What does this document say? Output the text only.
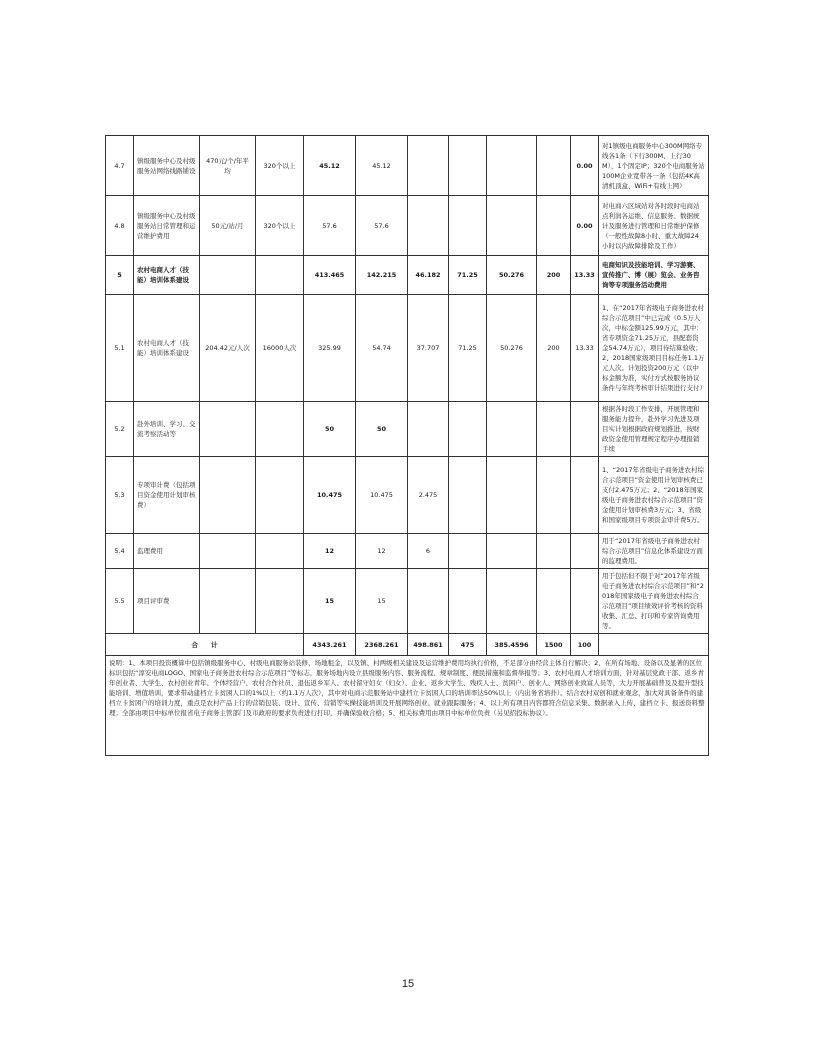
4.7	镇级服务中心及村级服务站网络线路铺设	470元/个/年平均	320个以上	45.12	45.12					0.00	对1镇级电商服务中心300M网络专线各1条（下行300M、上行30M），1个固定IP；320个电商服务站100M企业宽带各一条（包括4K高清机顶盒、WiFi+有线上网）
4.8	镇级服务中心及村级服务站日常管理和运营维护费用	50元/站/月	320个以上	57.6	57.6					0.00	对电商六区域站对各时段时电商站点利润各运维、信息服务、数据统计及服务进行管理和日常维护保修（一般性故障8小时、重大故障24小时以内故障排除及工作）
5	农村电商人才（技能）培训体系建设			413.465	142.215	46.182	71.25	50.276	200	13.33	电商知识及技能培训、学习游赛、宣传推广、博（展）览会、业务咨询等专项服务活动费用
5.1	农村电商人才（技能）培训体系建设	204.42元/人次	16000人次	325.99	54.74	37.707	71.25	50.276	200	13.33	1、在“2017年省级电子商务进农村综合示范项目”中已完成（0.5万人次，中标金额125.99万元，其中：省专项资金71.25万元，县配套资金54.74万元），项目待结算验收；2、2018国家级项目目标任务1.1万元人次。计划投资200万元（以中标金额为准，实付方式按服务协议条件与年终考核审计结果进行支付）
5.2	赴外培训、学习、交流考察活动等			50	50						根据各时段工作安排，开展管理和服务能力提升，赴外学习先进及项目实计划根据政府规划推进，按财政资金使用管理规定程序办理报销手续
5.3	专项审计费（包括项目资金使用计划审核费）			10.475	10.475	2.475					1、“2017年省级电子商务进农村综合示范项目”资金使用计划审核费已支付2.475万元；2、“2018年国家级电子商务进农村综合示范项目”资金使用计划审核费3万元；3、省级和国家级项目专项资金审计费5万。
5.4	监理费用			12	12	6					用于“2017年省级电子商务进农村综合示范项目”信息化体系建设方面的监理费用。
5.5	项目评审费			15	15						用于包括但不限于对“2017年省级电子商务进农村综合示范项目”和“2018年国家级电子商务进农村综合示范项目”项目绩效评价考核的资料收集、汇总、打印和专家咨询费用等。
合　　计				4343.261	2368.261	498.861	475	385.4596	1500	100	
说明：1、本项目投资概算中包括镇级服务中心、村级电商服务站装修、场地租金，以及镇、村两级相关建设及运营维护费用均执行价格，不足部分由经营主体自行解决；2、在所有场地、设备以及显著的区位标识包括“淳安电商LOGO、国家电子商务进农村综合示范项目”等标志，服务场地内设立县级服务内容、服务流程、规章制度、便民措施和监督举报等；3、农村电商人才培训方面，针对基层党政干部、返乡青年创业者、大学生、农村创业青年、个体经营户、农村合作社员、退伍返乡军人、农村留守妇女（妇女）、企业、返乡大学生、残疾人士、贫困户、创业人、网络创业致富人员等，大力开展基础普及及提升型技能培训、增值培训，要求带动建档立卡贫困人口的1%以上（约1.1万人次），其中对电商示范服务站中建档立卡贫困人口的培训率达50%以上（内出务省培扑）。结合农村双创和就业观念，加大对具备条件的建档立卡贫困户的培训力度，重点是农村产品上行的营销包装、设计、宣传、营销等实操技能培训及开展网络创业、就业跟踪服务；4、以上所有项目内容都符合信息采集、数据录入上传、建档立卡、报送资料整理；全部由项目中标单位报省电子商务主管部门及市政府的要求负责进行打印，并确保验收合格；5、相关标费用由项目中标单位负责（另见招投标协议）。											
15
